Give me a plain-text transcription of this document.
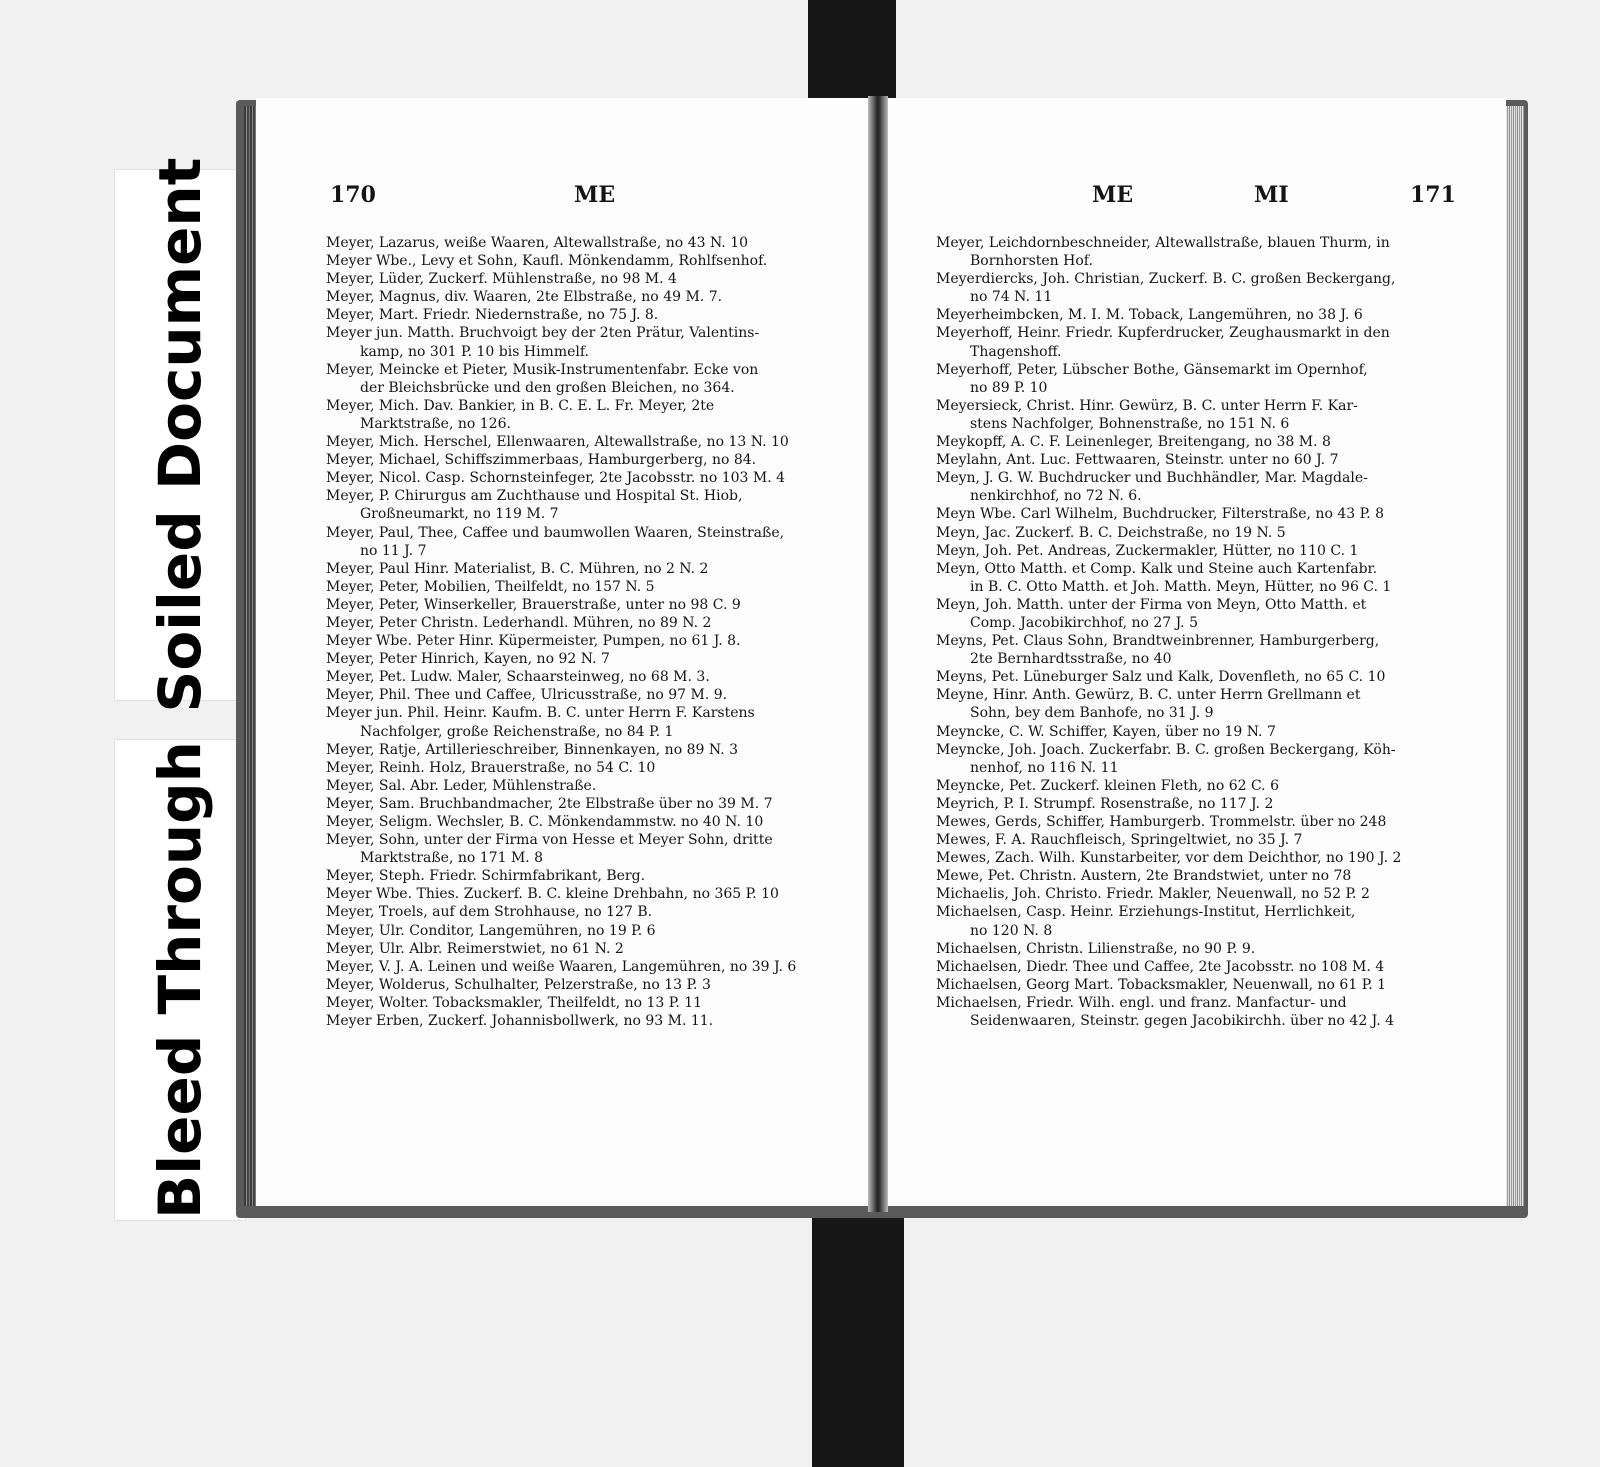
Soiled Document
Bleed Through
170	ME
Meyer, Lazarus, weiße Waaren, Altewallstraße, no 43 N. 10
Meyer Wbe., Levy et Sohn, Kaufl. Mönkendamm, Rohlfsenhof.
Meyer, Lüder, Zuckerf. Mühlenstraße, no 98 M. 4
Meyer, Magnus, div. Waaren, 2te Elbstraße, no 49 M. 7.
Meyer, Mart. Friedr. Niedernstraße, no 75 J. 8.
Meyer jun. Matth. Bruchvoigt bey der 2ten Prätur, Valentins-
kamp, no 301 P. 10 bis Himmelf.
Meyer, Meincke et Pieter, Musik-Instrumentenfabr. Ecke von
der Bleichsbrücke und den großen Bleichen, no 364.
Meyer, Mich. Dav. Bankier, in B. C. E. L. Fr. Meyer, 2te
Marktstraße, no 126.
Meyer, Mich. Herschel, Ellenwaaren, Altewallstraße, no 13 N. 10
Meyer, Michael, Schiffszimmerbaas, Hamburgerberg, no 84.
Meyer, Nicol. Casp. Schornsteinfeger, 2te Jacobsstr. no 103 M. 4
Meyer, P. Chirurgus am Zuchthause und Hospital St. Hiob,
Großneumarkt, no 119 M. 7
Meyer, Paul, Thee, Caffee und baumwollen Waaren, Steinstraße,
no 11 J. 7
Meyer, Paul Hinr. Materialist, B. C. Mühren, no 2 N. 2
Meyer, Peter, Mobilien, Theilfeldt, no 157 N. 5
Meyer, Peter, Winserkeller, Brauerstraße, unter no 98 C. 9
Meyer, Peter Christn. Lederhandl. Mühren, no 89 N. 2
Meyer Wbe. Peter Hinr. Küpermeister, Pumpen, no 61 J. 8.
Meyer, Peter Hinrich, Kayen, no 92 N. 7
Meyer, Pet. Ludw. Maler, Schaarsteinweg, no 68 M. 3.
Meyer, Phil. Thee und Caffee, Ulricusstraße, no 97 M. 9.
Meyer jun. Phil. Heinr. Kaufm. B. C. unter Herrn F. Karstens
Nachfolger, große Reichenstraße, no 84 P. 1
Meyer, Ratje, Artillerieschreiber, Binnenkayen, no 89 N. 3
Meyer, Reinh. Holz, Brauerstraße, no 54 C. 10
Meyer, Sal. Abr. Leder, Mühlenstraße.
Meyer, Sam. Bruchbandmacher, 2te Elbstraße über no 39 M. 7
Meyer, Seligm. Wechsler, B. C. Mönkendammstw. no 40 N. 10
Meyer, Sohn, unter der Firma von Hesse et Meyer Sohn, dritte
Marktstraße, no 171 M. 8
Meyer, Steph. Friedr. Schirmfabrikant, Berg.
Meyer Wbe. Thies. Zuckerf. B. C. kleine Drehbahn, no 365 P. 10
Meyer, Troels, auf dem Strohhause, no 127 B.
Meyer, Ulr. Conditor, Langemühren, no 19 P. 6
Meyer, Ulr. Albr. Reimerstwiet, no 61 N. 2
Meyer, V. J. A. Leinen und weiße Waaren, Langemühren, no 39 J. 6
Meyer, Wolderus, Schulhalter, Pelzerstraße, no 13 P. 3
Meyer, Wolter. Tobacksmakler, Theilfeldt, no 13 P. 11
Meyer Erben, Zuckerf. Johannisbollwerk, no 93 M. 11.
ME	MI	171
Meyer, Leichdornbeschneider, Altewallstraße, blauen Thurm, in
Bornhorsten Hof.
Meyerdiercks, Joh. Christian, Zuckerf. B. C. großen Beckergang,
no 74 N. 11
Meyerheimbcken, M. I. M. Toback, Langemühren, no 38 J. 6
Meyerhoff, Heinr. Friedr. Kupferdrucker, Zeughausmarkt in den
Thagenshoff.
Meyerhoff, Peter, Lübscher Bothe, Gänsemarkt im Opernhof,
no 89 P. 10
Meyersieck, Christ. Hinr. Gewürz, B. C. unter Herrn F. Kar-
stens Nachfolger, Bohnenstraße, no 151 N. 6
Meykopff, A. C. F. Leinenleger, Breitengang, no 38 M. 8
Meylahn, Ant. Luc. Fettwaaren, Steinstr. unter no 60 J. 7
Meyn, J. G. W. Buchdrucker und Buchhändler, Mar. Magdale-
nenkirchhof, no 72 N. 6.
Meyn Wbe. Carl Wilhelm, Buchdrucker, Filterstraße, no 43 P. 8
Meyn, Jac. Zuckerf. B. C. Deichstraße, no 19 N. 5
Meyn, Joh. Pet. Andreas, Zuckermakler, Hütter, no 110 C. 1
Meyn, Otto Matth. et Comp. Kalk und Steine auch Kartenfabr.
in B. C. Otto Matth. et Joh. Matth. Meyn, Hütter, no 96 C. 1
Meyn, Joh. Matth. unter der Firma von Meyn, Otto Matth. et
Comp. Jacobikirchhof, no 27 J. 5
Meyns, Pet. Claus Sohn, Brandtweinbrenner, Hamburgerberg,
2te Bernhardtsstraße, no 40
Meyns, Pet. Lüneburger Salz und Kalk, Dovenfleth, no 65 C. 10
Meyne, Hinr. Anth. Gewürz, B. C. unter Herrn Grellmann et
Sohn, bey dem Banhofe, no 31 J. 9
Meyncke, C. W. Schiffer, Kayen, über no 19 N. 7
Meyncke, Joh. Joach. Zuckerfabr. B. C. großen Beckergang, Köh-
nenhof, no 116 N. 11
Meyncke, Pet. Zuckerf. kleinen Fleth, no 62 C. 6
Meyrich, P. I. Strumpf. Rosenstraße, no 117 J. 2
Mewes, Gerds, Schiffer, Hamburgerb. Trommelstr. über no 248
Mewes, F. A. Rauchfleisch, Springeltwiet, no 35 J. 7
Mewes, Zach. Wilh. Kunstarbeiter, vor dem Deichthor, no 190 J. 2
Mewe, Pet. Christn. Austern, 2te Brandstwiet, unter no 78
Michaelis, Joh. Christo. Friedr. Makler, Neuenwall, no 52 P. 2
Michaelsen, Casp. Heinr. Erziehungs-Institut, Herrlichkeit,
no 120 N. 8
Michaelsen, Christn. Lilienstraße, no 90 P. 9.
Michaelsen, Diedr. Thee und Caffee, 2te Jacobsstr. no 108 M. 4
Michaelsen, Georg Mart. Tobacksmakler, Neuenwall, no 61 P. 1
Michaelsen, Friedr. Wilh. engl. und franz. Manfactur- und
Seidenwaaren, Steinstr. gegen Jacobikirchh. über no 42 J. 4
